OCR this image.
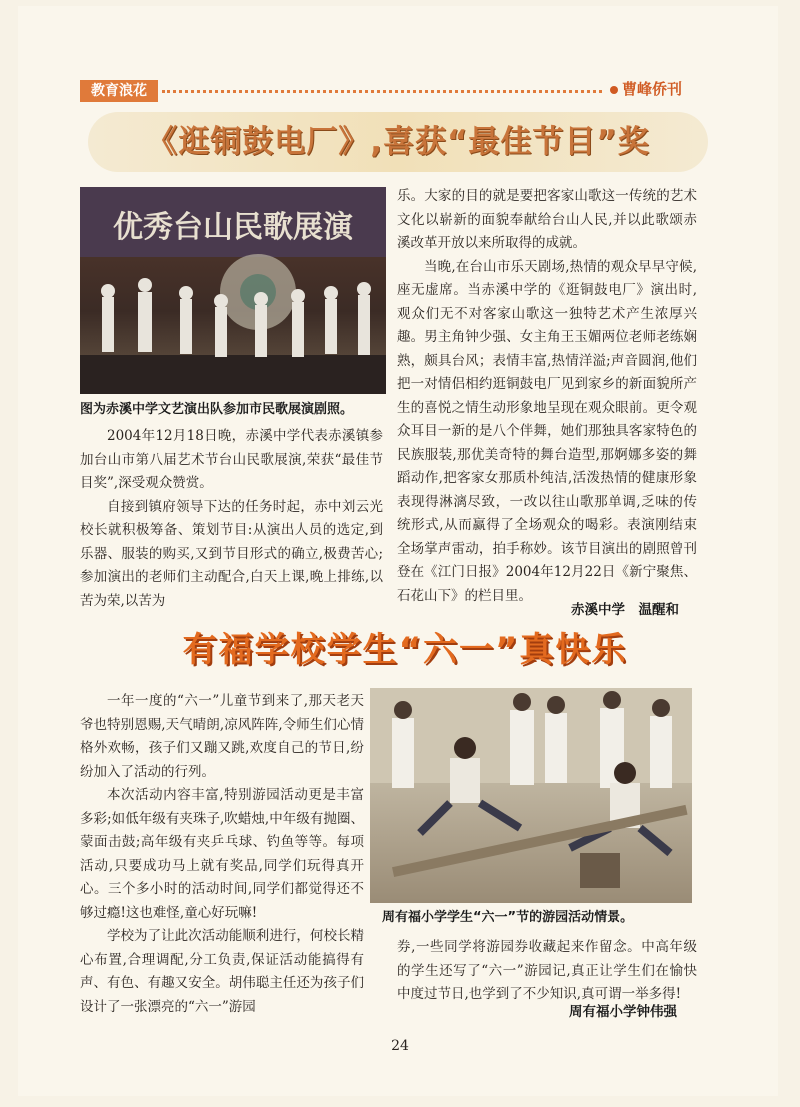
教育浪花	曹峰侨刊
《逛铜鼓电厂》,喜获“最佳节目”奖
优秀台山民歌展演
图为赤溪中学文艺演出队参加市民歌展演剧照。

2004年12月18日晚，赤溪中学代表赤溪镇参加台山市第八届艺术节台山民歌展演,荣获“最佳节目奖”,深受观众赞赏。

自接到镇府领导下达的任务时起，赤中刘云光校长就积极筹备、策划节目:从演出人员的选定,到乐器、服装的购买,又到节目形式的确立,极费苦心;参加演出的老师们主动配合,白天上课,晚上排练,以苦为荣,以苦为

乐。大家的目的就是要把客家山歌这一传统的艺术文化以崭新的面貌奉献给台山人民,并以此歌颂赤溪改革开放以来所取得的成就。

当晚,在台山市乐天剧场,热情的观众早早守候,座无虚席。当赤溪中学的《逛铜鼓电厂》演出时,观众们无不对客家山歌这一独特艺术产生浓厚兴趣。男主角钟少强、女主角王玉媚两位老师老练娴熟，颇具台风；表情丰富,热情洋溢;声音圆润,他们把一对情侣相约逛铜鼓电厂见到家乡的新面貌所产生的喜悦之情生动形象地呈现在观众眼前。更令观众耳目一新的是八个伴舞，她们那独具客家特色的民族服装,那优美奇特的舞台造型,那婀娜多姿的舞蹈动作,把客家女那质朴纯洁,活泼热情的健康形象表现得淋漓尽致，一改以往山歌那单调,乏味的传统形式,从而赢得了全场观众的喝彩。表演刚结束全场掌声雷动，拍手称妙。该节目演出的剧照曾刊登在《江门日报》2004年12月22日《新宁聚焦、石花山下》的栏目里。

赤溪中学　温醒和
有福学校学生“六一”真快乐
周有福小学学生“六一”节的游园活动情景。

一年一度的“六一”儿童节到来了,那天老天爷也特别恩赐,天气晴朗,凉风阵阵,令师生们心情格外欢畅，孩子们又蹦又跳,欢度自己的节日,纷纷加入了活动的行列。

本次活动内容丰富,特别游园活动更是丰富多彩;如低年级有夹珠子,吹蜡烛,中年级有抛圈、蒙面击鼓;高年级有夹乒乓球、钓鱼等等。每项活动,只要成功马上就有奖品,同学们玩得真开心。三个多小时的活动时间,同学们都觉得还不够过瘾!这也难怪,童心好玩嘛!

学校为了让此次活动能顺利进行，何校长精心布置,合理调配,分工负责,保证活动能搞得有声、有色、有趣又安全。胡伟聪主任还为孩子们设计了一张漂亮的“六一”游园

券,一些同学将游园券收藏起来作留念。中高年级的学生还写了“六一”游园记,真正让学生们在愉快中度过节日,也学到了不少知识,真可谓一举多得!

周有福小学钟伟强
24
